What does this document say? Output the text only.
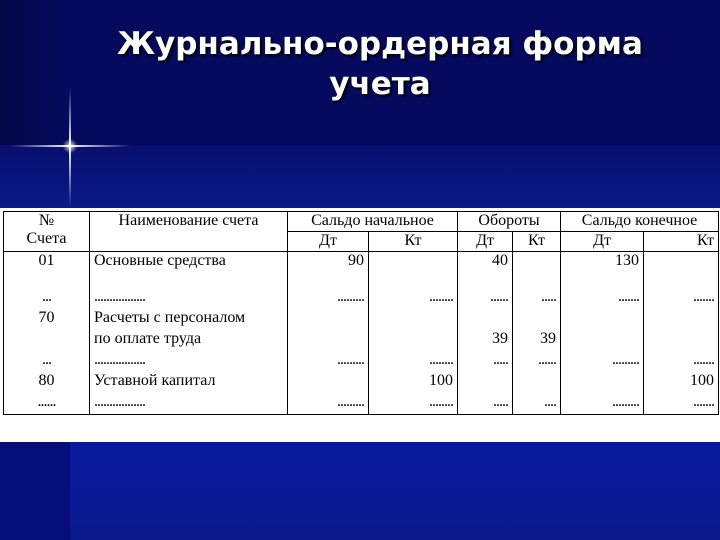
Журнально-ордерная форма
учета
№
Счета	Наименование счета	Сальдо начальное		Обороты		Сальдо конечное	
		Дт	Кт	Дт	Кт	Дт	Кт
01	Основные средства	90		40		130	
...	.................	.........	........	......	.....	.......	.......
70	Расчеты с персоналом						
	по оплате труда			39	39		
...	.................	.........	........	.....	......	.........	.......
80	Уставной капитал		100				100
......	.................	.........	........	.....	....	.........	.......
